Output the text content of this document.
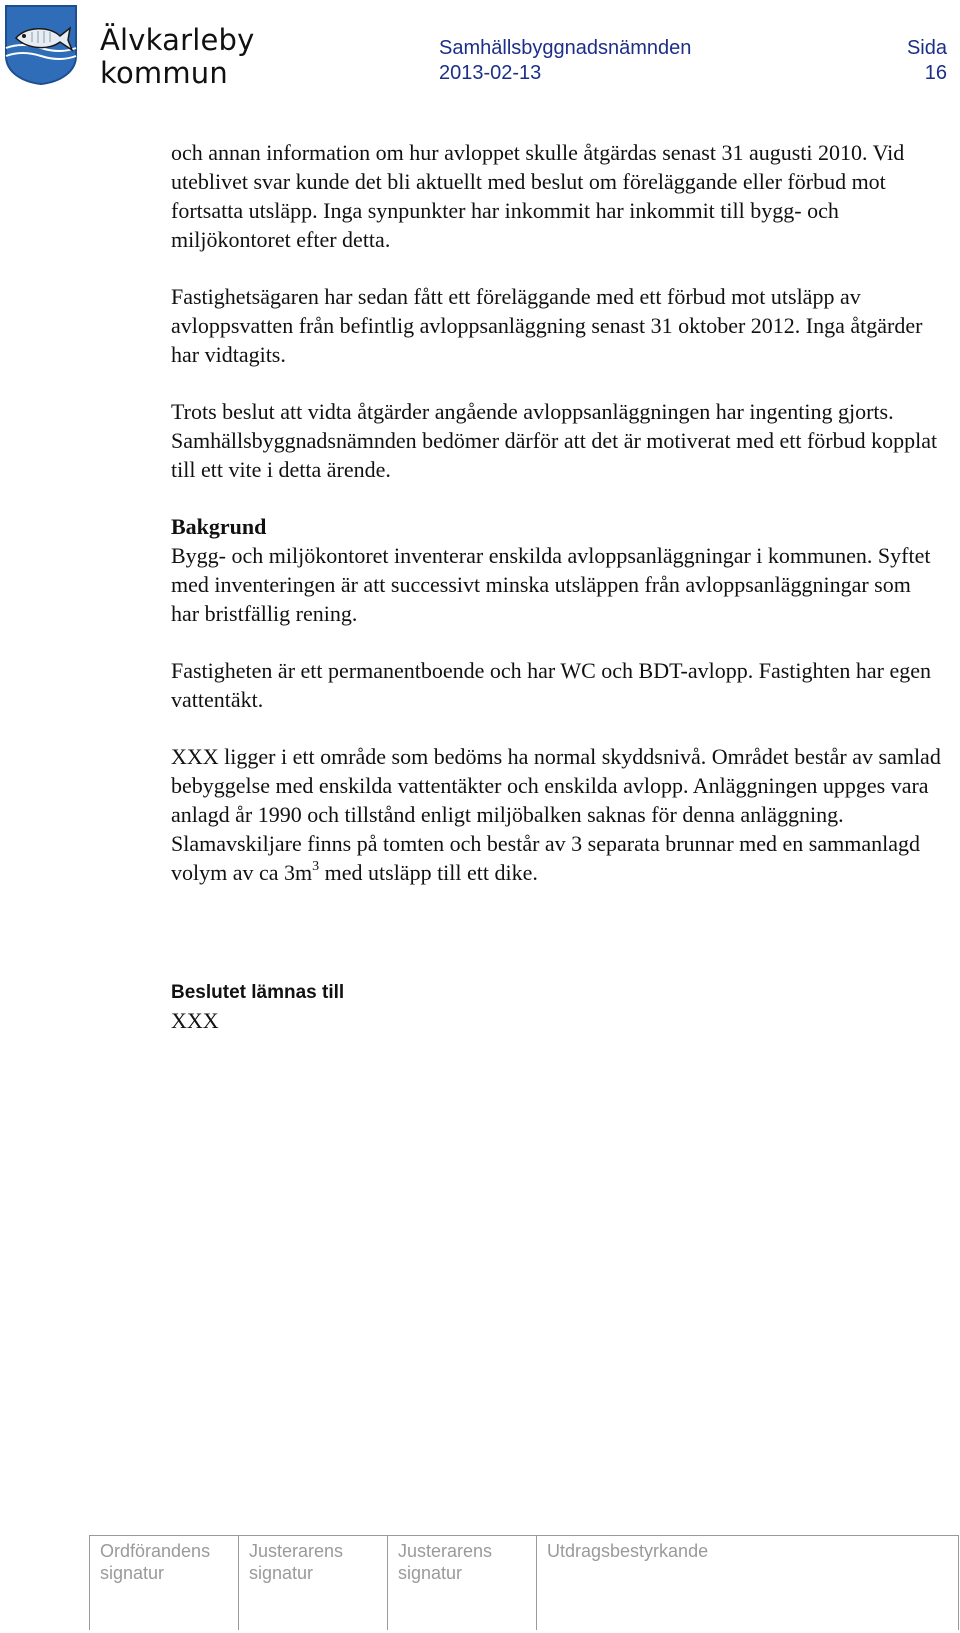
Älvkarleby
kommun
Samhällsbyggnadsnämnden
2013-02-13
Sida
16

och annan information om hur avloppet skulle åtgärdas senast 31 augusti 2010. Vid uteblivet svar kunde det bli aktuellt med beslut om föreläggande eller förbud mot fortsatta utsläpp. Inga synpunkter har inkommit har inkommit till bygg- och miljökontoret efter detta.

Fastighetsägaren har sedan fått ett föreläggande med ett förbud mot utsläpp av avloppsvatten från befintlig avloppsanläggning senast 31 oktober 2012. Inga åtgärder har vidtagits.

Trots beslut att vidta åtgärder angående avloppsanläggningen har ingenting gjorts. Samhällsbyggnadsnämnden bedömer därför att det är motiverat med ett förbud kopplat till ett vite i detta ärende.

Bakgrund

Bygg- och miljökontoret inventerar enskilda avloppsanläggningar i kommunen. Syftet med inventeringen är att successivt minska utsläppen från avloppsanläggningar som har bristfällig rening.

Fastigheten är ett permanentboende och har WC och BDT-avlopp. Fastighten har egen vattentäkt.

XXX ligger i ett område som bedöms ha normal skyddsnivå. Området består av samlad bebyggelse med enskilda vattentäkter och enskilda avlopp. Anläggningen uppges vara anlagd år 1990 och tillstånd enligt miljöbalken saknas för denna anläggning. Slamavskiljare finns på tomten och består av 3 separata brunnar med en sammanlagd volym av ca $3m^3$ med utsläpp till ett dike.

Beslutet lämnas till
XXX
Ordförandens
signatur
Justerarens
signatur
Justerarens
signatur
Utdragsbestyrkande
